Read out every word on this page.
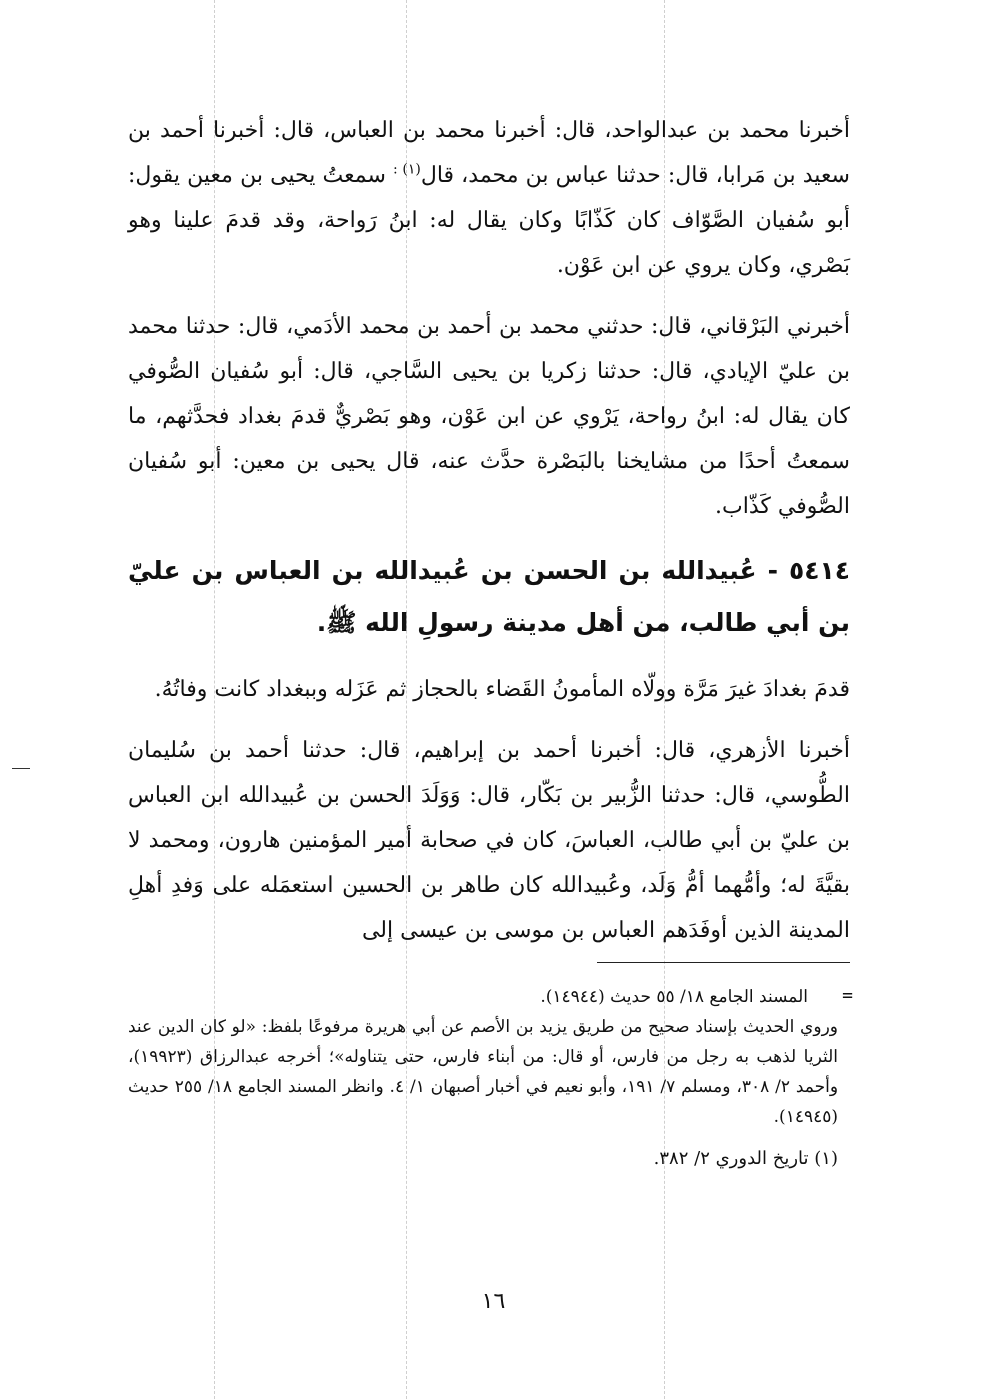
أخبرنا محمد بن عبدالواحد، قال: أخبرنا محمد بن العباس، قال: أخبرنا أحمد بن سعيد بن مَرابا، قال: حدثنا عباس بن محمد، قال$^{(١) :}$ سمعتُ يحيى بن معين يقول: أبو سُفيان الصَّوّاف كان كَذّابًا وكان يقال له: ابنُ رَواحة، وقد قدمَ علينا وهو بَصْري، وكان يروي عن ابن عَوْن.

أخبرني البَرْقاني، قال: حدثني محمد بن أحمد بن محمد الأدَمي، قال: حدثنا محمد بن عليّ الإيادي، قال: حدثنا زكريا بن يحيى السَّاجي، قال: أبو سُفيان الصُّوفي كان يقال له: ابنُ رواحة، يَرْوي عن ابن عَوْن، وهو بَصْريٌّ قدمَ بغداد فحدَّثهم، ما سمعتُ أحدًا من مشايخنا بالبَصْرة حدَّث عنه، قال يحيى بن معين: أبو سُفيان الصُّوفي كَذّاب.

٥٤١٤ - عُبيدالله بن الحسن بن عُبيدالله بن العباس بن عليّ بن أبي طالب، من أهل مدينة رسولِ الله ﷺ.

قدمَ بغدادَ غيرَ مَرَّة وولّاه المأمونُ القَضاء بالحجاز ثم عَزَله وببغداد كانت وفاتُهُ.

أخبرنا الأزهري، قال: أخبرنا أحمد بن إبراهيم، قال: حدثنا أحمد بن سُليمان الطُّوسي، قال: حدثنا الزُّبير بن بَكّار، قال: وَوَلَدَ الحسن بن عُبيدالله ابن العباس بن عليّ بن أبي طالب، العباسَ، كان في صحابة أمير المؤمنين هارون، ومحمد لا بقيَّةَ له؛ وأمُّهما أمُّ وَلَد، وعُبيدالله كان طاهر بن الحسين استعمَله على وَفدِ أهلِ المدينة الذين أوفَدَهم العباس بن موسى بن عيسى إلى

=

المسند الجامع ١٨/ ٥٥ حديث (١٤٩٤٤).

وروي الحديث بإسناد صحيح من طريق يزيد بن الأصم عن أبي هريرة مرفوعًا بلفظ: «لو كان الدين عند الثريا لذهب به رجل من فارس، أو قال: من أبناء فارس، حتى يتناوله»؛ أخرجه عبدالرزاق (١٩٩٢٣)، وأحمد ٢/ ٣٠٨، ومسلم ٧/ ١٩١، وأبو نعيم في أخبار أصبهان ١/ ٤. وانظر المسند الجامع ١٨/ ٢٥٥ حديث (١٤٩٤٥).

(١) تاريخ الدوري ٢/ ٣٨٢.

١٦
